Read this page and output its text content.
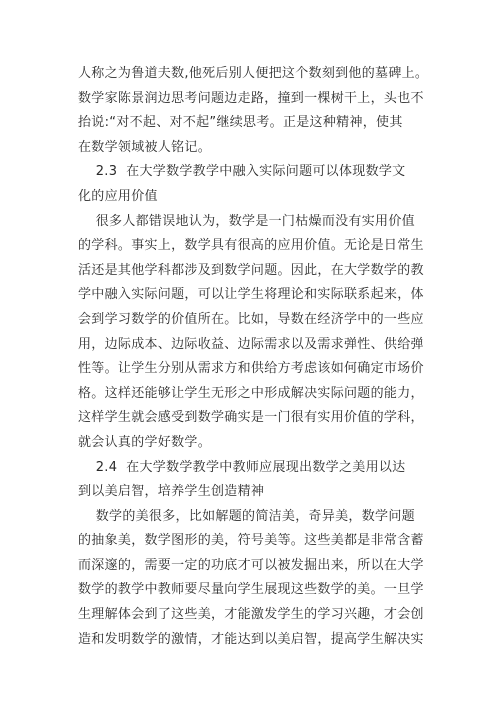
人称之为鲁道夫数,他死后别人便把这个数刻到他的墓碑上。
数学家陈景润边思考问题边走路，撞到一棵树干上，头也不
抬说:“对不起、对不起”继续思考。正是这种精神，使其
在数学领域被人铭记。
2.3  在大学数学教学中融入实际问题可以体现数学文
化的应用价值
很多人都错误地认为，数学是一门枯燥而没有实用价值
的学科。事实上，数学具有很高的应用价值。无论是日常生
活还是其他学科都涉及到数学问题。因此，在大学数学的教
学中融入实际问题，可以让学生将理论和实际联系起来，体
会到学习数学的价值所在。比如，导数在经济学中的一些应
用，边际成本、边际收益、边际需求以及需求弹性、供给弹
性等。让学生分别从需求方和供给方考虑该如何确定市场价
格。这样还能够让学生无形之中形成解决实际问题的能力，
这样学生就会感受到数学确实是一门很有实用价值的学科，
就会认真的学好数学。
2.4  在大学数学教学中教师应展现出数学之美用以达
到以美启智，培养学生创造精神
数学的美很多，比如解题的简洁美，奇异美，数学问题
的抽象美，数学图形的美，符号美等。这些美都是非常含蓄
而深邃的，需要一定的功底才可以被发掘出来，所以在大学
数学的教学中教师要尽量向学生展现这些数学的美。一旦学
生理解体会到了这些美，才能激发学生的学习兴趣，才会创
造和发明数学的激情，才能达到以美启智，提高学生解决实
